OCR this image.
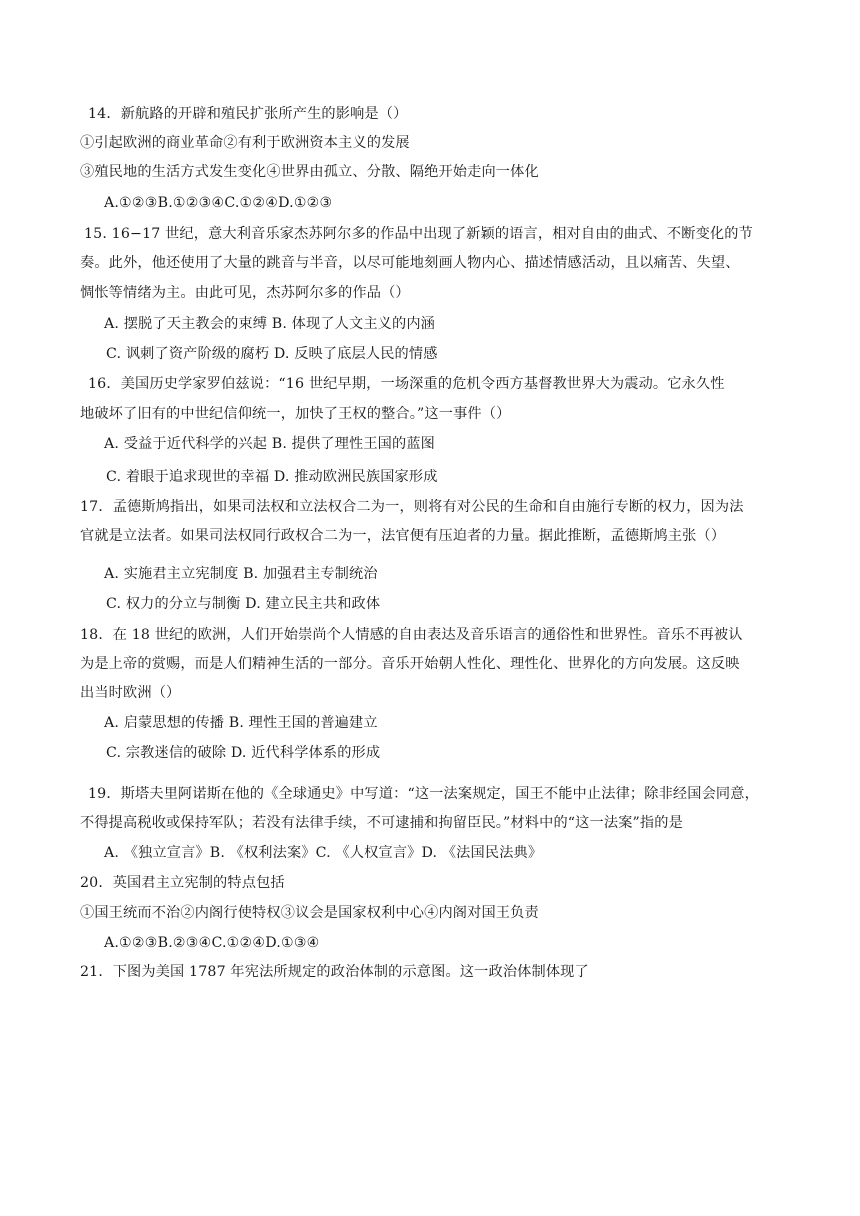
14．新航路的开辟和殖民扩张所产生的影响是（）
①引起欧洲的商业革命②有利于欧洲资本主义的发展
③殖民地的生活方式发生变化④世界由孤立、分散、隔绝开始走向一体化
A.①②③B.①②③④C.①②④D.①②③
15. 16−17 世纪，意大利音乐家杰苏阿尔多的作品中出现了新颖的语言，相对自由的曲式、不断变化的节
奏。此外，他还使用了大量的跳音与半音，以尽可能地刻画人物内心、描述情感活动，且以痛苦、失望、
惆怅等情绪为主。由此可见，杰苏阿尔多的作品（）
A. 摆脱了天主教会的束缚 B. 体现了人文主义的内涵
C. 讽刺了资产阶级的腐朽 D. 反映了底层人民的情感
16．美国历史学家罗伯兹说：“16 世纪早期，一场深重的危机令西方基督教世界大为震动。它永久性
地破坏了旧有的中世纪信仰统一，加快了王权的整合。”这一事件（）
A. 受益于近代科学的兴起 B. 提供了理性王国的蓝图
C. 着眼于追求现世的幸福 D. 推动欧洲民族国家形成
17．孟德斯鸠指出，如果司法权和立法权合二为一，则将有对公民的生命和自由施行专断的权力，因为法
官就是立法者。如果司法权同行政权合二为一，法官便有压迫者的力量。据此推断，孟德斯鸠主张（）
A. 实施君主立宪制度 B. 加强君主专制统治
C. 权力的分立与制衡 D. 建立民主共和政体
18．在 18 世纪的欧洲，人们开始崇尚个人情感的自由表达及音乐语言的通俗性和世界性。音乐不再被认
为是上帝的赏赐，而是人们精神生活的一部分。音乐开始朝人性化、理性化、世界化的方向发展。这反映
出当时欧洲（）
A. 启蒙思想的传播 B. 理性王国的普遍建立
C. 宗教迷信的破除 D. 近代科学体系的形成
19．斯塔夫里阿诺斯在他的《全球通史》中写道：“这一法案规定，国王不能中止法律；除非经国会同意，
不得提高税收或保持军队；若没有法律手续，不可逮捕和拘留臣民。”材料中的“这一法案”指的是
A. 《独立宣言》B. 《权利法案》C. 《人权宣言》D. 《法国民法典》
20．英国君主立宪制的特点包括
①国王统而不治②内阁行使特权③议会是国家权利中心④内阁对国王负责
A.①②③B.②③④C.①②④D.①③④
21．下图为美国 1787 年宪法所规定的政治体制的示意图。这一政治体制体现了
